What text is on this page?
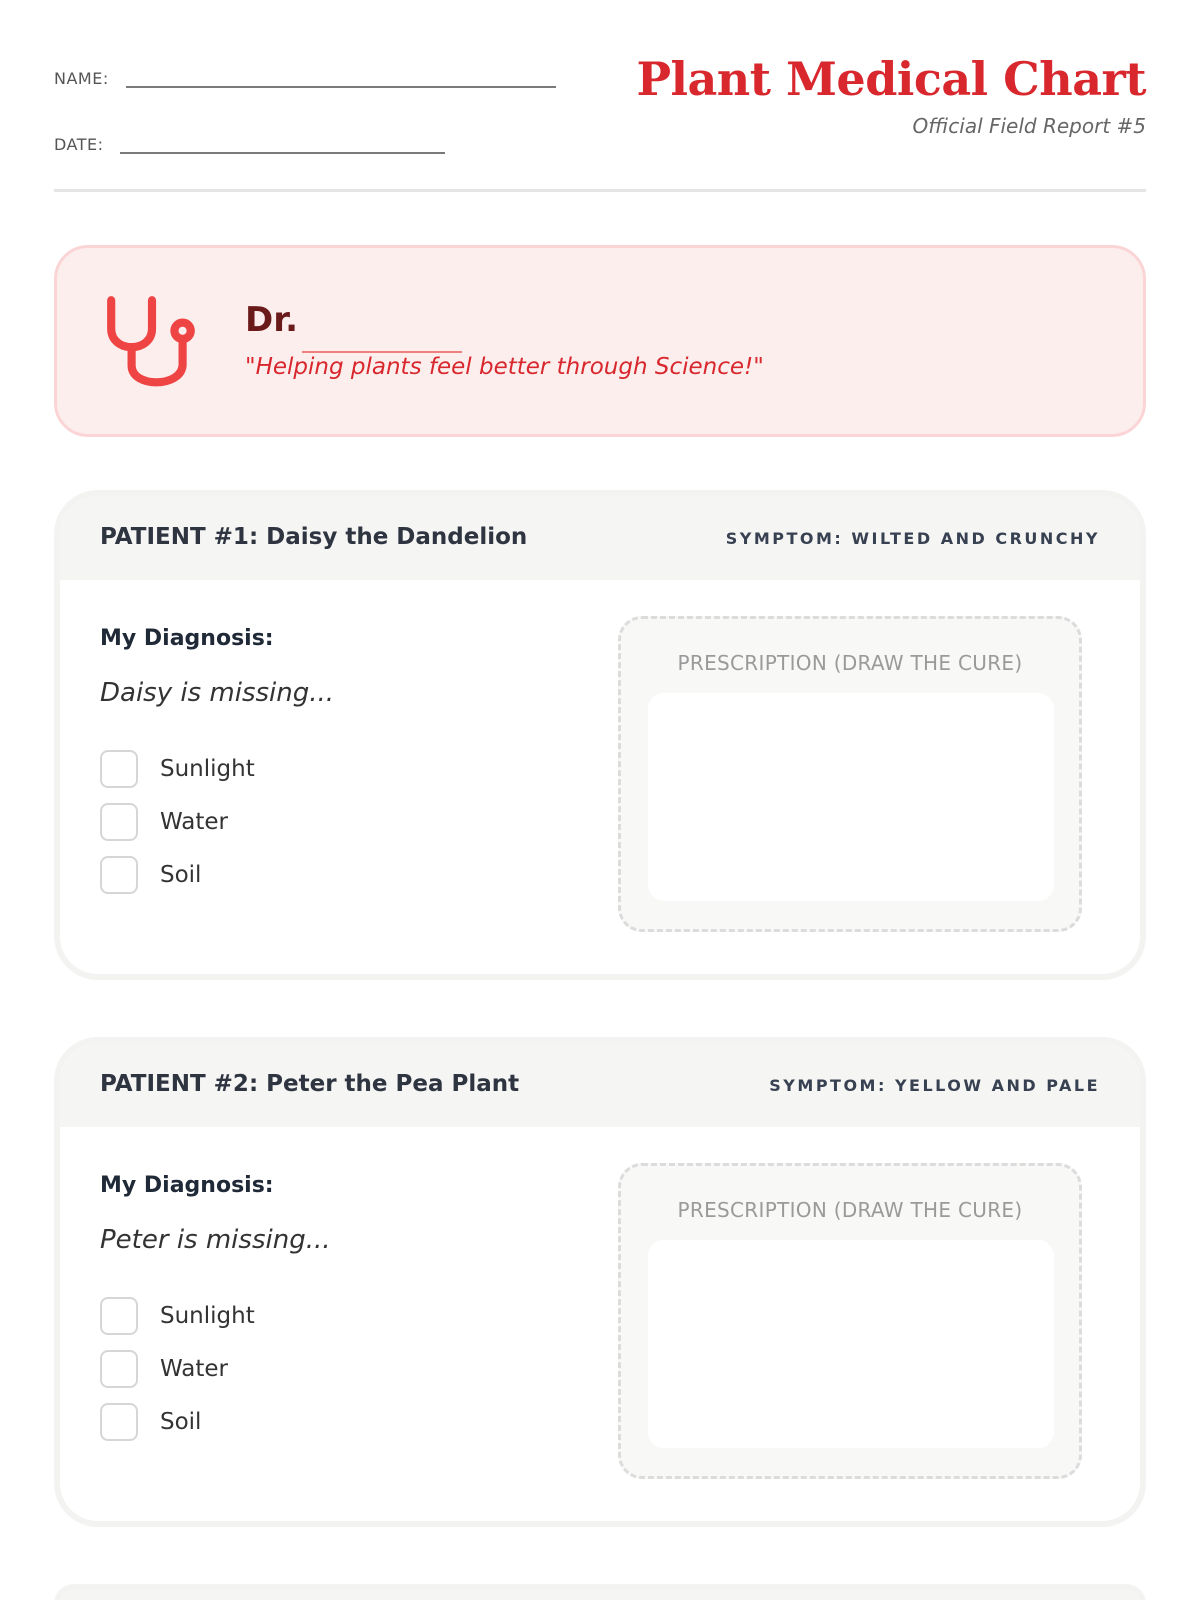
NAME:
DATE:
Plant Medical Chart
Official Field Report #5
Dr.
"Helping plants feel better through Science!"
PATIENT #1: Daisy the Dandelion	SYMPTOM: WILTED AND CRUNCHY
My Diagnosis:
Daisy is missing...
Sunlight
Water
Soil
PRESCRIPTION (DRAW THE CURE)
PATIENT #2: Peter the Pea Plant	SYMPTOM: YELLOW AND PALE
My Diagnosis:
Peter is missing...
Sunlight
Water
Soil
PRESCRIPTION (DRAW THE CURE)
